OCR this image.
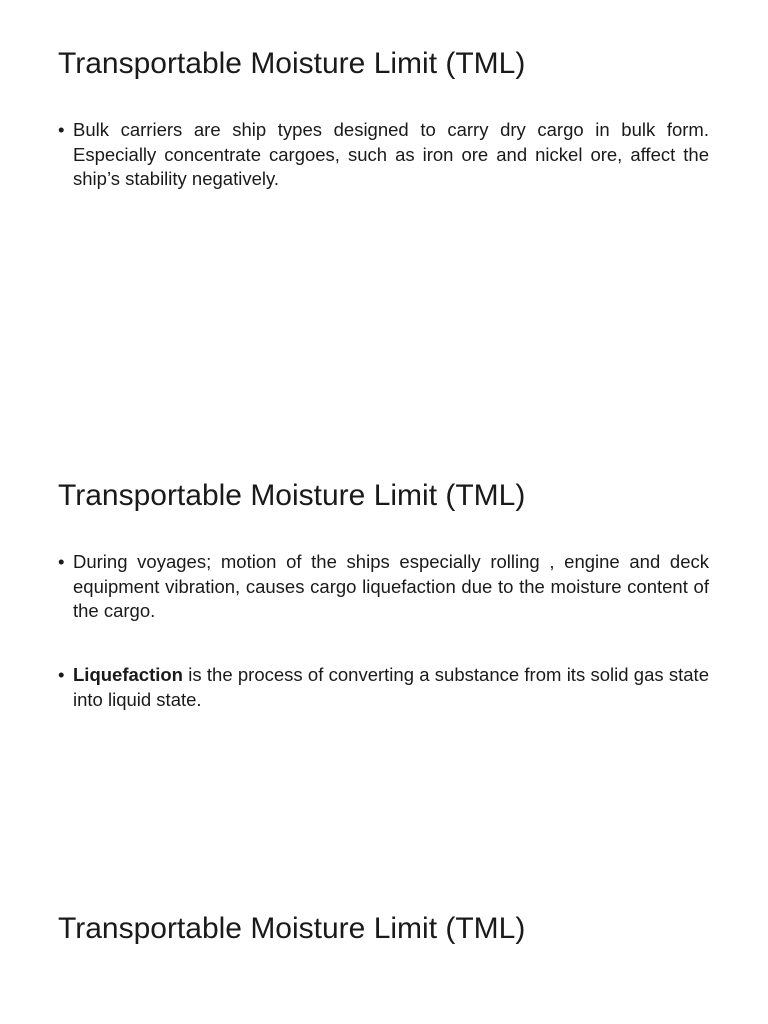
Transportable Moisture Limit (TML)
• Bulk carriers are ship types designed to carry dry cargo in bulk form. Especially concentrate cargoes, such as iron ore and nickel ore, affect the ship’s stability negatively.
Transportable Moisture Limit (TML)
• During voyages; motion of the ships especially rolling , engine and deck equipment vibration, causes cargo liquefaction due to the moisture content of the cargo.
• Liquefaction is the process of converting a substance from its solid gas state into liquid state.
Transportable Moisture Limit (TML)
